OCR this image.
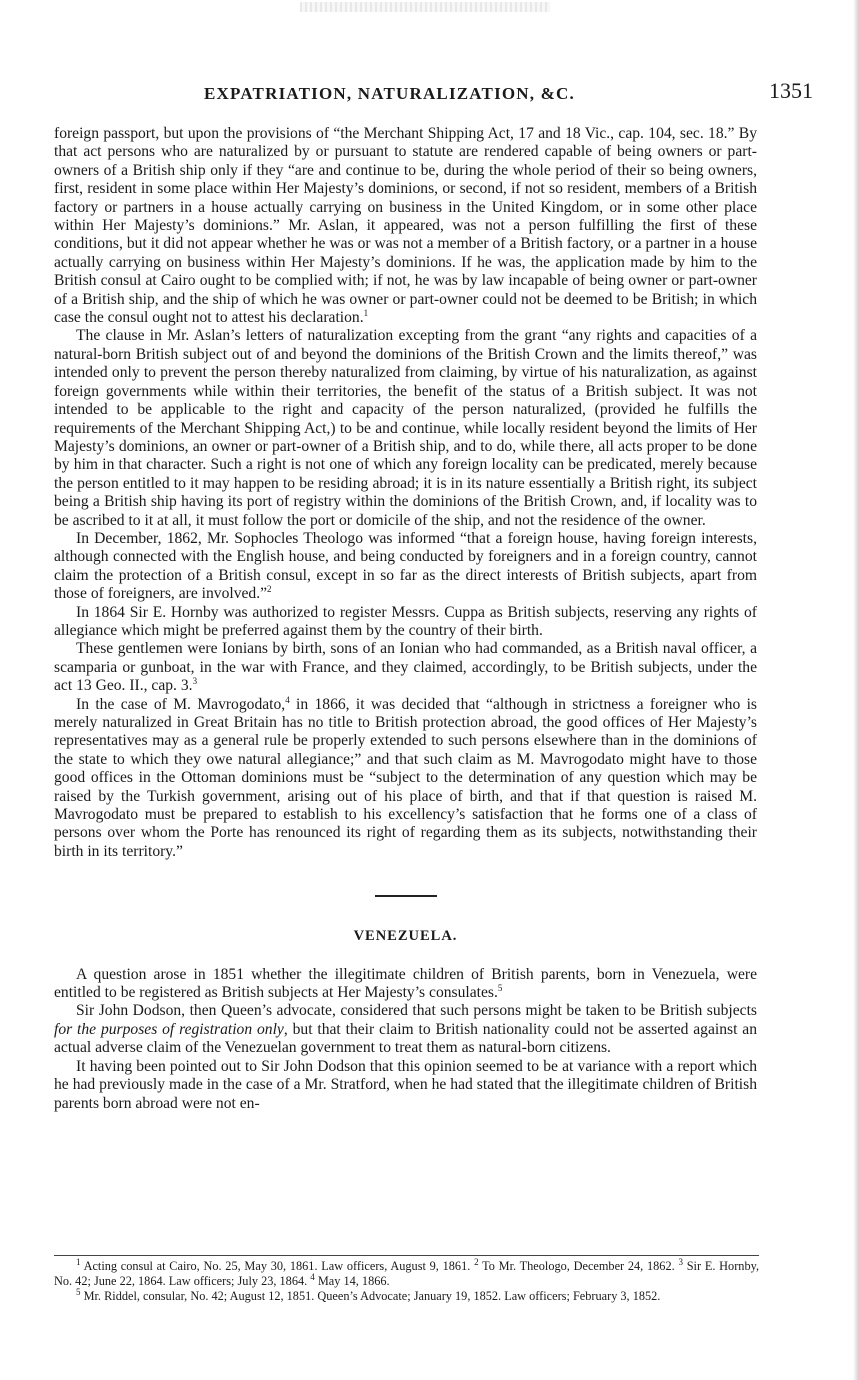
EXPATRIATION, NATURALIZATION, &C.	1351

foreign passport, but upon the provisions of “the Merchant Shipping Act, 17 and 18 Vic., cap. 104, sec. 18.” By that act persons who are naturalized by or pursuant to statute are rendered capable of being owners or part-owners of a British ship only if they “are and continue to be, during the whole period of their so being owners, first, resident in some place within Her Majesty’s dominions, or second, if not so resident, members of a British factory or partners in a house actually carrying on business in the United Kingdom, or in some other place within Her Majesty’s dominions.” Mr. Aslan, it appeared, was not a person fulfilling the first of these conditions, but it did not appear whether he was or was not a member of a British factory, or a partner in a house actually carrying on business within Her Majesty’s dominions. If he was, the application made by him to the British consul at Cairo ought to be complied with; if not, he was by law incapable of being owner or part-owner of a British ship, and the ship of which he was owner or part-owner could not be deemed to be British; in which case the consul ought not to attest his declaration.$^1$

The clause in Mr. Aslan’s letters of naturalization excepting from the grant “any rights and capacities of a natural-born British subject out of and beyond the dominions of the British Crown and the limits thereof,” was intended only to prevent the person thereby naturalized from claiming, by virtue of his naturalization, as against foreign governments while within their territories, the benefit of the status of a British subject. It was not intended to be applicable to the right and capacity of the person naturalized, (provided he fulfills the requirements of the Merchant Shipping Act,) to be and continue, while locally resident beyond the limits of Her Majesty’s dominions, an owner or part-owner of a British ship, and to do, while there, all acts proper to be done by him in that character. Such a right is not one of which any foreign locality can be predicated, merely because the person entitled to it may happen to be residing abroad; it is in its nature essentially a British right, its subject being a British ship having its port of registry within the dominions of the British Crown, and, if locality was to be ascribed to it at all, it must follow the port or domicile of the ship, and not the residence of the owner.

In December, 1862, Mr. Sophocles Theologo was informed “that a foreign house, having foreign interests, although connected with the English house, and being conducted by foreigners and in a foreign country, cannot claim the protection of a British consul, except in so far as the direct interests of British subjects, apart from those of foreigners, are involved.”$^2$

In 1864 Sir E. Hornby was authorized to register Messrs. Cuppa as British subjects, reserving any rights of allegiance which might be preferred against them by the country of their birth.

These gentlemen were Ionians by birth, sons of an Ionian who had commanded, as a British naval officer, a scamparia or gunboat, in the war with France, and they claimed, accordingly, to be British subjects, under the act 13 Geo. II., cap. 3.$^3$

In the case of M. Mavrogodato,$^4$ in 1866, it was decided that “although in strictness a foreigner who is merely naturalized in Great Britain has no title to British protection abroad, the good offices of Her Majesty’s representatives may as a general rule be properly extended to such persons elsewhere than in the dominions of the state to which they owe natural allegiance;” and that such claim as M. Mavrogodato might have to those good offices in the Ottoman dominions must be “subject to the determination of any question which may be raised by the Turkish government, arising out of his place of birth, and that if that question is raised M. Mavrogodato must be prepared to establish to his excellency’s satisfaction that he forms one of a class of persons over whom the Porte has renounced its right of regarding them as its subjects, notwithstanding their birth in its territory.”

VENEZUELA.

A question arose in 1851 whether the illegitimate children of British parents, born in Venezuela, were entitled to be registered as British subjects at Her Majesty’s consulates.$^5$

Sir John Dodson, then Queen’s advocate, considered that such persons might be taken to be British subjects for the purposes of registration only, but that their claim to British nationality could not be asserted against an actual adverse claim of the Venezuelan government to treat them as natural-born citizens.

It having been pointed out to Sir John Dodson that this opinion seemed to be at variance with a report which he had previously made in the case of a Mr. Stratford, when he had stated that the illegitimate children of British parents born abroad were not en-

$^1$ Acting consul at Cairo, No. 25, May 30, 1861. Law officers, August 9, 1861. $^2$ To Mr. Theologo, December 24, 1862. $^3$ Sir E. Hornby, No. 42; June 22, 1864. Law officers; July 23, 1864. $^4$ May 14, 1866.

$^5$ Mr. Riddel, consular, No. 42; August 12, 1851. Queen’s Advocate; January 19, 1852. Law officers; February 3, 1852.
